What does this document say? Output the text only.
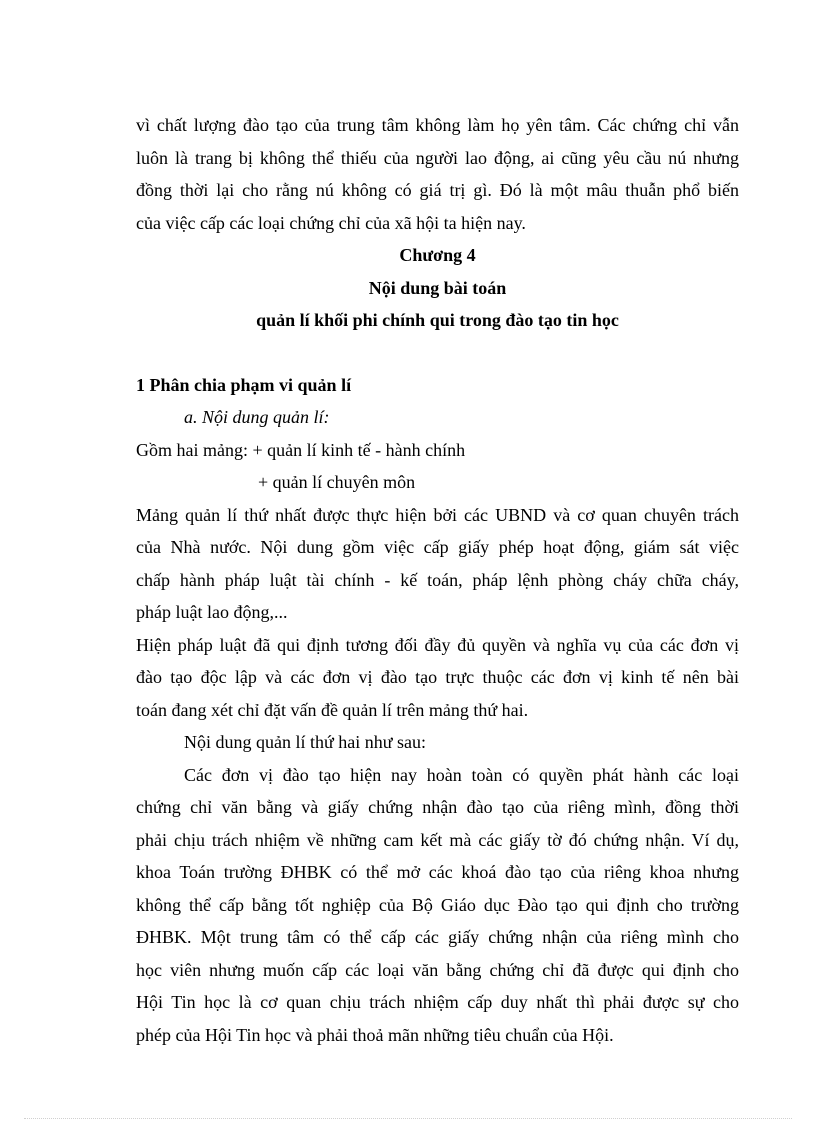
vì chất lượng đào tạo của trung tâm không làm họ yên tâm. Các chứng chỉ vẫn
luôn là trang bị không thể thiếu của người lao động, ai cũng yêu cầu nú nhưng
đồng thời lại cho rằng nú không có giá trị gì. Đó là một mâu thuẫn phổ biến
của việc cấp các loại chứng chỉ của xã hội ta hiện nay.

Chương 4

Nội dung bài toán

quản lí khối phi chính qui trong đào tạo tin học

1 Phân chia phạm vi quản lí

a. Nội dung quản lí:

Gồm hai mảng: + quản lí kinh tế - hành chính

+ quản lí chuyên môn

Mảng quản lí thứ nhất được thực hiện bởi các UBND và cơ quan chuyên trách
của Nhà nước. Nội dung gồm việc cấp giấy phép hoạt động, giám sát việc
chấp hành pháp luật tài chính - kế toán, pháp lệnh phòng cháy chữa cháy,
pháp luật lao động,...
Hiện pháp luật đã qui định tương đối đầy đủ quyền và nghĩa vụ của các đơn vị
đào tạo độc lập và các đơn vị đào tạo trực thuộc các đơn vị kinh tế nên bài
toán đang xét chỉ đặt vấn đề quản lí trên mảng thứ hai.

Nội dung quản lí thứ hai như sau:

Các đơn vị đào tạo hiện nay hoàn toàn có quyền phát hành các loại
chứng chỉ văn bằng và giấy chứng nhận đào tạo của riêng mình, đồng thời
phải chịu trách nhiệm về những cam kết mà các giấy tờ đó chứng nhận. Ví dụ,
khoa Toán trường ĐHBK có thể mở các khoá đào tạo của riêng khoa nhưng
không thể cấp bằng tốt nghiệp của Bộ Giáo dục Đào tạo qui định cho trường
ĐHBK. Một trung tâm có thể cấp các giấy chứng nhận của riêng mình cho
học viên nhưng muốn cấp các loại văn bằng chứng chỉ đã được qui định cho
Hội Tin học là cơ quan chịu trách nhiệm cấp duy nhất thì phải được sự cho
phép của Hội Tin học và phải thoả mãn những tiêu chuẩn của Hội.
